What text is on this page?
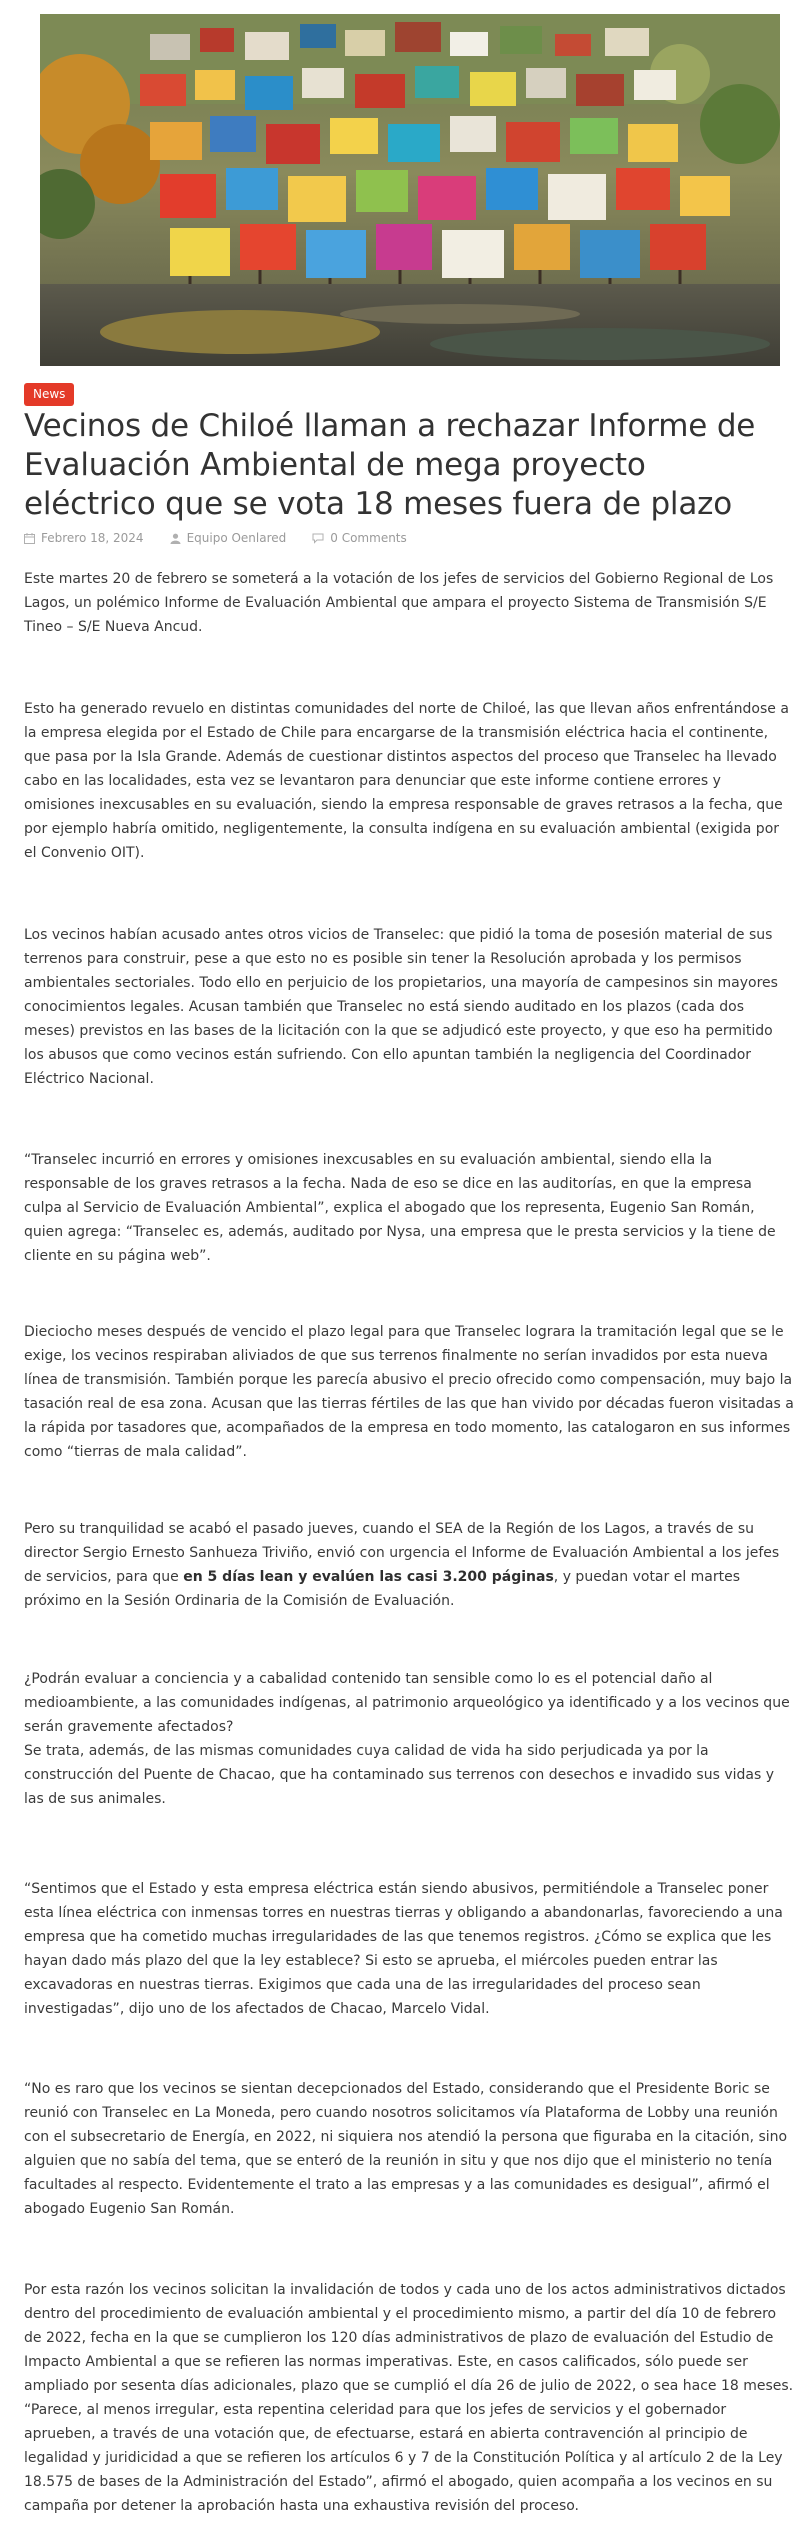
News
Vecinos de Chiloé llaman a rechazar Informe de Evaluación Ambiental de mega proyecto eléctrico que se vota 18 meses fuera de plazo
Febrero 18, 2024	Equipo Oenlared	0 Comments

Este martes 20 de febrero se someterá a la votación de los jefes de servicios del Gobierno Regional de Los Lagos, un polémico Informe de Evaluación Ambiental que ampara el proyecto Sistema de Transmisión S/E Tineo – S/E Nueva Ancud.

Esto ha generado revuelo en distintas comunidades del norte de Chiloé, las que llevan años enfrentándose a la empresa elegida por el Estado de Chile para encargarse de la transmisión eléctrica hacia el continente, que pasa por la Isla Grande. Además de cuestionar distintos aspectos del proceso que Transelec ha llevado cabo en las localidades, esta vez se levantaron para denunciar que este informe contiene errores y omisiones inexcusables en su evaluación, siendo la empresa responsable de graves retrasos a la fecha, que por ejemplo habría omitido, negligentemente, la consulta indígena en su evaluación ambiental (exigida por el Convenio OIT).

Los vecinos habían acusado antes otros vicios de Transelec: que pidió la toma de posesión material de sus terrenos para construir, pese a que esto no es posible sin tener la Resolución aprobada y los permisos ambientales sectoriales. Todo ello en perjuicio de los propietarios, una mayoría de campesinos sin mayores conocimientos legales. Acusan también que Transelec no está siendo auditado en los plazos (cada dos meses) previstos en las bases de la licitación con la que se adjudicó este proyecto, y que eso ha permitido los abusos que como vecinos están sufriendo. Con ello apuntan también la negligencia del Coordinador Eléctrico Nacional.

“Transelec incurrió en errores y omisiones inexcusables en su evaluación ambiental, siendo ella la responsable de los graves retrasos a la fecha. Nada de eso se dice en las auditorías, en que la empresa culpa al Servicio de Evaluación Ambiental”, explica el abogado que los representa, Eugenio San Román, quien agrega: “Transelec es, además, auditado por Nysa, una empresa que le presta servicios y la tiene de cliente en su página web”.

Dieciocho meses después de vencido el plazo legal para que Transelec lograra la tramitación legal que se le exige, los vecinos respiraban aliviados de que sus terrenos finalmente no serían invadidos por esta nueva línea de transmisión. También porque les parecía abusivo el precio ofrecido como compensación, muy bajo la tasación real de esa zona. Acusan que las tierras fértiles de las que han vivido por décadas fueron visitadas a la rápida por tasadores que, acompañados de la empresa en todo momento, las catalogaron en sus informes como “tierras de mala calidad”.

Pero su tranquilidad se acabó el pasado jueves, cuando el SEA de la Región de los Lagos, a través de su director Sergio Ernesto Sanhueza Triviño, envió con urgencia el Informe de Evaluación Ambiental a los jefes de servicios, para que en 5 días lean y evalúen las casi 3.200 páginas, y puedan votar el martes próximo en la Sesión Ordinaria de la Comisión de Evaluación.

¿Podrán evaluar a conciencia y a cabalidad contenido tan sensible como lo es el potencial daño al medioambiente, a las comunidades indígenas, al patrimonio arqueológico ya identificado y a los vecinos que serán gravemente afectados?

Se trata, además, de las mismas comunidades cuya calidad de vida ha sido perjudicada ya por la construcción del Puente de Chacao, que ha contaminado sus terrenos con desechos e invadido sus vidas y las de sus animales.

“Sentimos que el Estado y esta empresa eléctrica están siendo abusivos, permitiéndole a Transelec poner esta línea eléctrica con inmensas torres en nuestras tierras y obligando a abandonarlas, favoreciendo a una empresa que ha cometido muchas irregularidades de las que tenemos registros. ¿Cómo se explica que les hayan dado más plazo del que la ley establece? Si esto se aprueba, el miércoles pueden entrar las excavadoras en nuestras tierras. Exigimos que cada una de las irregularidades del proceso sean investigadas”, dijo uno de los afectados de Chacao, Marcelo Vidal.

“No es raro que los vecinos se sientan decepcionados del Estado, considerando que el Presidente Boric se reunió con Transelec en La Moneda, pero cuando nosotros solicitamos vía Plataforma de Lobby una reunión con el subsecretario de Energía, en 2022, ni siquiera nos atendió la persona que figuraba en la citación, sino alguien que no sabía del tema, que se enteró de la reunión in situ y que nos dijo que el ministerio no tenía facultades al respecto. Evidentemente el trato a las empresas y a las comunidades es desigual”, afirmó el abogado Eugenio San Román.

Por esta razón los vecinos solicitan la invalidación de todos y cada uno de los actos administrativos dictados dentro del procedimiento de evaluación ambiental y el procedimiento mismo, a partir del día 10 de febrero de 2022, fecha en la que se cumplieron los 120 días administrativos de plazo de evaluación del Estudio de Impacto Ambiental a que se refieren las normas imperativas. Este, en casos calificados, sólo puede ser ampliado por sesenta días adicionales, plazo que se cumplió el día 26 de julio de 2022, o sea hace 18 meses. “Parece, al menos irregular, esta repentina celeridad para que los jefes de servicios y el gobernador aprueben, a través de una votación que, de efectuarse, estará en abierta contravención al principio de legalidad y juridicidad a que se refieren los artículos 6 y 7 de la Constitución Política y al artículo 2 de la Ley 18.575 de bases de la Administración del Estado”, afirmó el abogado, quien acompaña a los vecinos en su campaña por detener la aprobación hasta una exhaustiva revisión del proceso.
